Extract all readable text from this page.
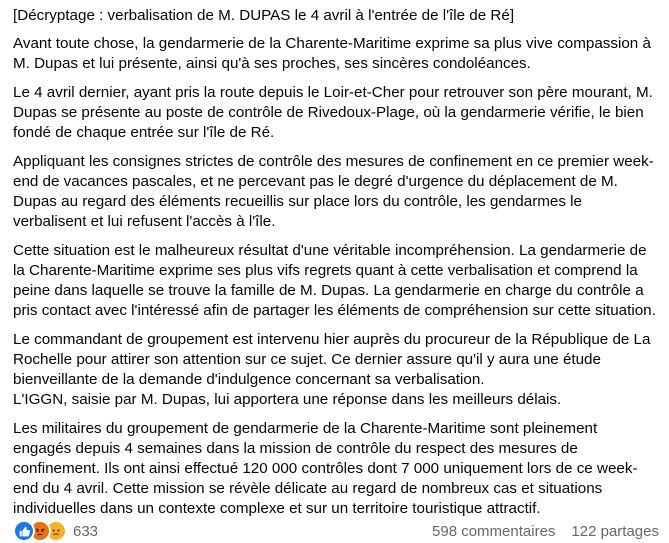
[Décryptage : verbalisation de M. DUPAS le 4 avril à l'entrée de l'île de Ré]

Avant toute chose, la gendarmerie de la Charente-Maritime exprime sa plus vive compassion à M. Dupas et lui présente, ainsi qu'à ses proches, ses sincères condoléances.

Le 4 avril dernier, ayant pris la route depuis le Loir-et-Cher pour retrouver son père mourant, M. Dupas se présente au poste de contrôle de Rivedoux-Plage, où la gendarmerie vérifie, le bien fondé de chaque entrée sur l'île de Ré.

Appliquant les consignes strictes de contrôle des mesures de confinement en ce premier week-end de vacances pascales, et ne percevant pas le degré d'urgence du déplacement de M. Dupas au regard des éléments recueillis sur place lors du contrôle, les gendarmes le verbalisent et lui refusent l'accès à l'île.

Cette situation est le malheureux résultat d'une véritable incompréhension. La gendarmerie de la Charente-Maritime exprime ses plus vifs regrets quant à cette verbalisation et comprend la peine dans laquelle se trouve la famille de M. Dupas. La gendarmerie en charge du contrôle a pris contact avec l'intéressé afin de partager les éléments de compréhension sur cette situation.

Le commandant de groupement est intervenu hier auprès du procureur de la République de La Rochelle pour attirer son attention sur ce sujet. Ce dernier assure qu'il y aura une étude bienveillante de la demande d'indulgence concernant sa verbalisation.

L'IGGN, saisie par M. Dupas, lui apportera une réponse dans les meilleurs délais.

Les militaires du groupement de gendarmerie de la Charente-Maritime sont pleinement engagés depuis 4 semaines dans la mission de contrôle du respect des mesures de confinement. Ils ont ainsi effectué 120 000 contrôles dont 7 000 uniquement lors de ce week-end du 4 avril. Cette mission se révèle délicate au regard de nombreux cas et situations individuelles dans un contexte complexe et sur un territoire touristique attractif.

633	598 commentaires 122 partages
